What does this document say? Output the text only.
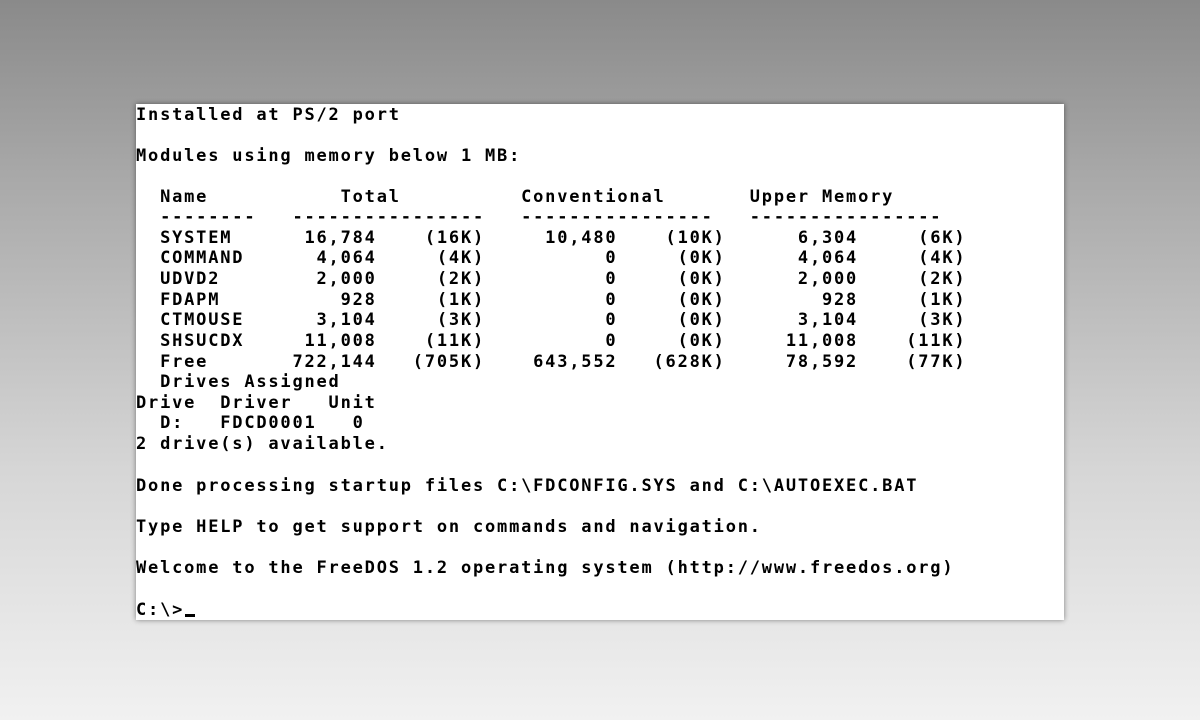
Installed at PS/2 port
Modules using memory below 1 MB:
Name           Total          Conventional       Upper Memory
--------   ----------------   ----------------   ----------------
SYSTEM      16,784    (16K)     10,480    (10K)      6,304     (6K)
COMMAND      4,064     (4K)          0     (0K)      4,064     (4K)
UDVD2        2,000     (2K)          0     (0K)      2,000     (2K)
FDAPM          928     (1K)          0     (0K)        928     (1K)
CTMOUSE      3,104     (3K)          0     (0K)      3,104     (3K)
SHSUCDX     11,008    (11K)          0     (0K)     11,008    (11K)
Free       722,144   (705K)    643,552   (628K)     78,592    (77K)
Drives Assigned
Drive  Driver   Unit
D:   FDCD0001   0
2 drive(s) available.
Done processing startup files C:\FDCONFIG.SYS and C:\AUTOEXEC.BAT
Type HELP to get support on commands and navigation.
Welcome to the FreeDOS 1.2 operating system (http://www.freedos.org)
C:\>
